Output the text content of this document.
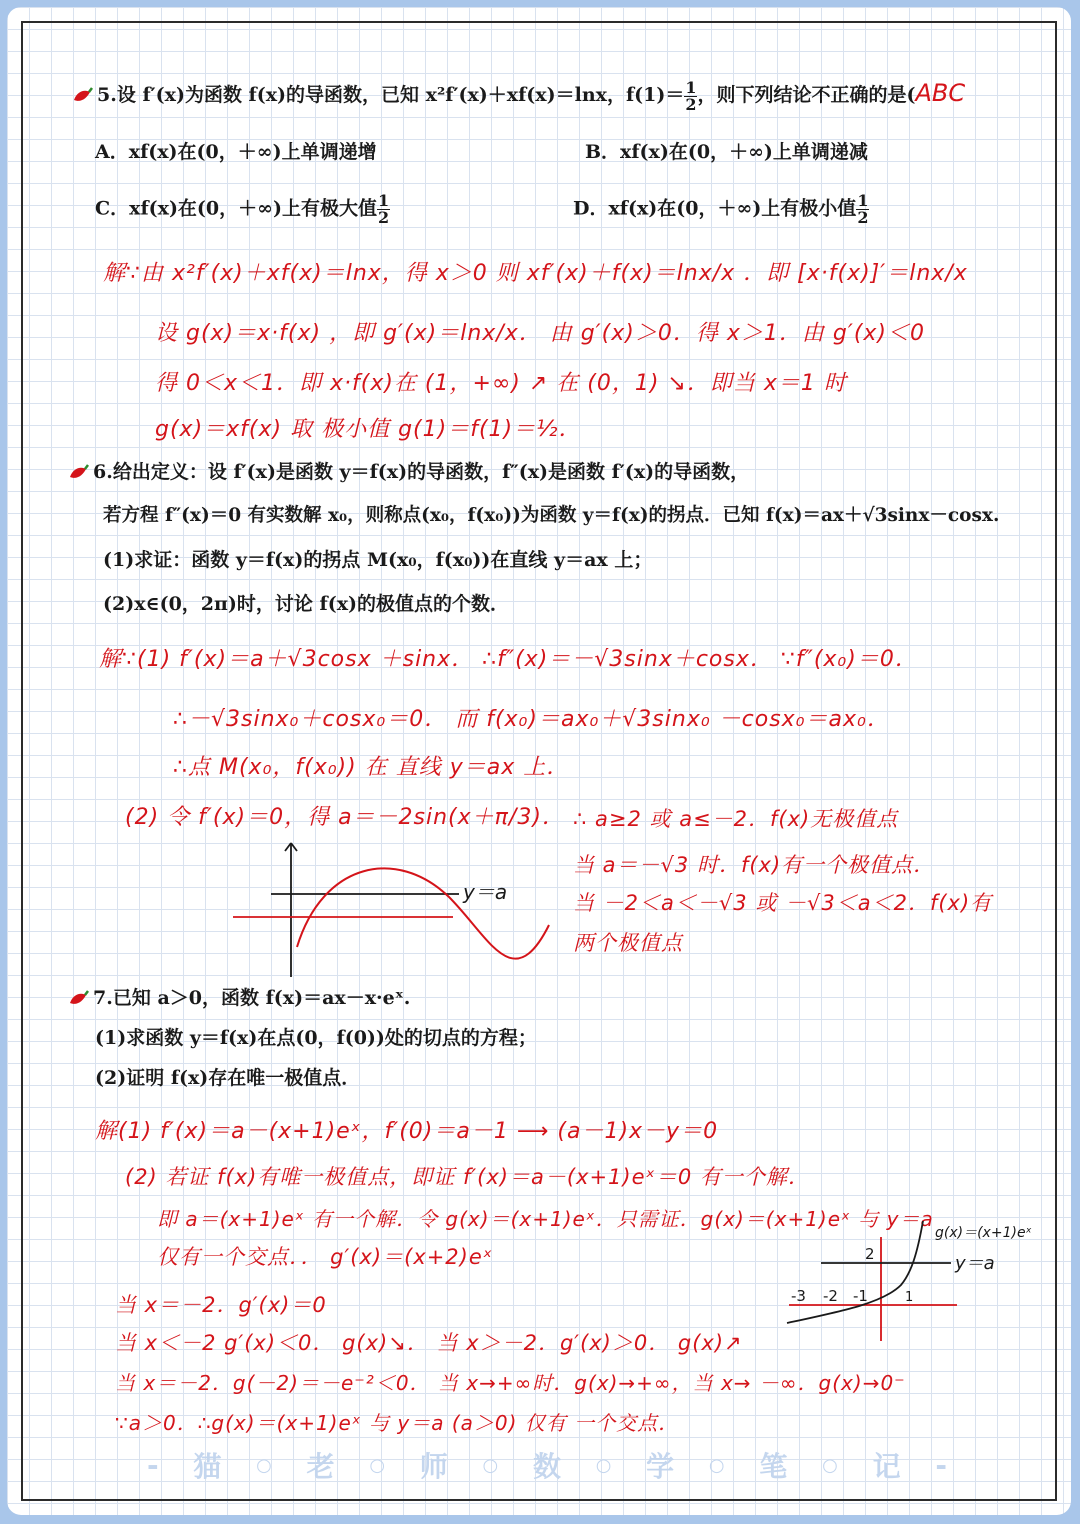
5.设 f′(x)为函数 f(x)的导函数，已知 x²f′(x)＋xf(x)＝lnx，$f(1)= \frac{1}{2}$ ，则下列结论不正确的是(ABC
A．xf(x)在(0，＋∞)上单调递增	B．xf(x)在(0，＋∞)上单调递减
C．xf(x)在(0，＋∞)上有极大值 $\frac{1}{2}$	D．xf(x)在(0，＋∞)上有极小值 $\frac{1}{2}$
解∵由 x²f′(x)＋xf(x)＝lnx，得 x＞0 则 xf′(x)＋f(x)＝lnx/x ．即 [x·f(x)]′＝lnx/x
设 g(x)＝x·f(x) ，即 g′(x)＝lnx/x． 由 g′(x)＞0．得 x＞1．由 g′(x)＜0
得 0＜x＜1．即 x·f(x)在 (1，+∞) ↗ 在 (0，1) ↘．即当 x＝1 时
g(x)＝xf(x) 取 极小值 g(1)＝f(1)＝½．
6.给出定义：设 f′(x)是函数 y＝f(x)的导函数，f″(x)是函数 f′(x)的导函数，
若方程 f″(x)＝0 有实数解 x₀，则称点(x₀，f(x₀))为函数 y＝f(x)的拐点．已知 f(x)＝ax＋√3sinx－cosx.
(1)求证：函数 y＝f(x)的拐点 M(x₀，f(x₀))在直线 y＝ax 上；
(2)x∈(0，2π)时，讨论 f(x)的极值点的个数．
解∵(1) f′(x)＝a＋√3cosx ＋sinx． ∴f″(x)＝－√3sinx＋cosx． ∵f″(x₀)＝0．
∴－√3sinx₀＋cosx₀＝0． 而 f(x₀)＝ax₀＋√3sinx₀ －cosx₀＝ax₀．
∴点 M(x₀，f(x₀)) 在 直线 y＝ax 上．
(2) 令 f′(x)＝0，得 a＝－2sin(x＋π/3)． ∴ a≥2 或 a≤－2．f(x)无极值点
当 a＝－√3 时．f(x)有一个极值点．
当 －2＜a＜－√3 或 －√3＜a＜2．f(x)有
两个极值点
y＝a
7.已知 a＞0，函数 f(x)＝ax－x·eˣ.
(1)求函数 y＝f(x)在点(0，f(0))处的切点的方程；
(2)证明 f(x)存在唯一极值点．
解(1) f′(x)＝a－(x+1)eˣ，f′(0)＝a－1 ⟶ (a－1)x－y＝0
(2) 若证 f(x)有唯一极值点，即证 f′(x)＝a－(x+1)eˣ＝0 有一个解．
即 a＝(x+1)eˣ 有一个解．令 g(x)＝(x+1)eˣ．只需证．g(x)＝(x+1)eˣ 与 y＝a
仅有一个交点．． g′(x)＝(x+2)eˣ
当 x＝－2．g′(x)＝0
当 x＜－2 g′(x)＜0． g(x)↘． 当 x＞－2．g′(x)＞0． g(x)↗
当 x＝－2．g(－2)＝－e⁻²＜0． 当 x→+∞时．g(x)→+∞，当 x→ －∞．g(x)→0⁻
∵a＞0．∴g(x)＝(x+1)eˣ 与 y＝a (a＞0) 仅有 一个交点．
g(x)＝(x+1)eˣ
y＝a
2
-3 -2 -1	1
- 猫 ○ 老 ○ 师 ○ 数 ○ 学 ○ 笔 ○ 记 -
